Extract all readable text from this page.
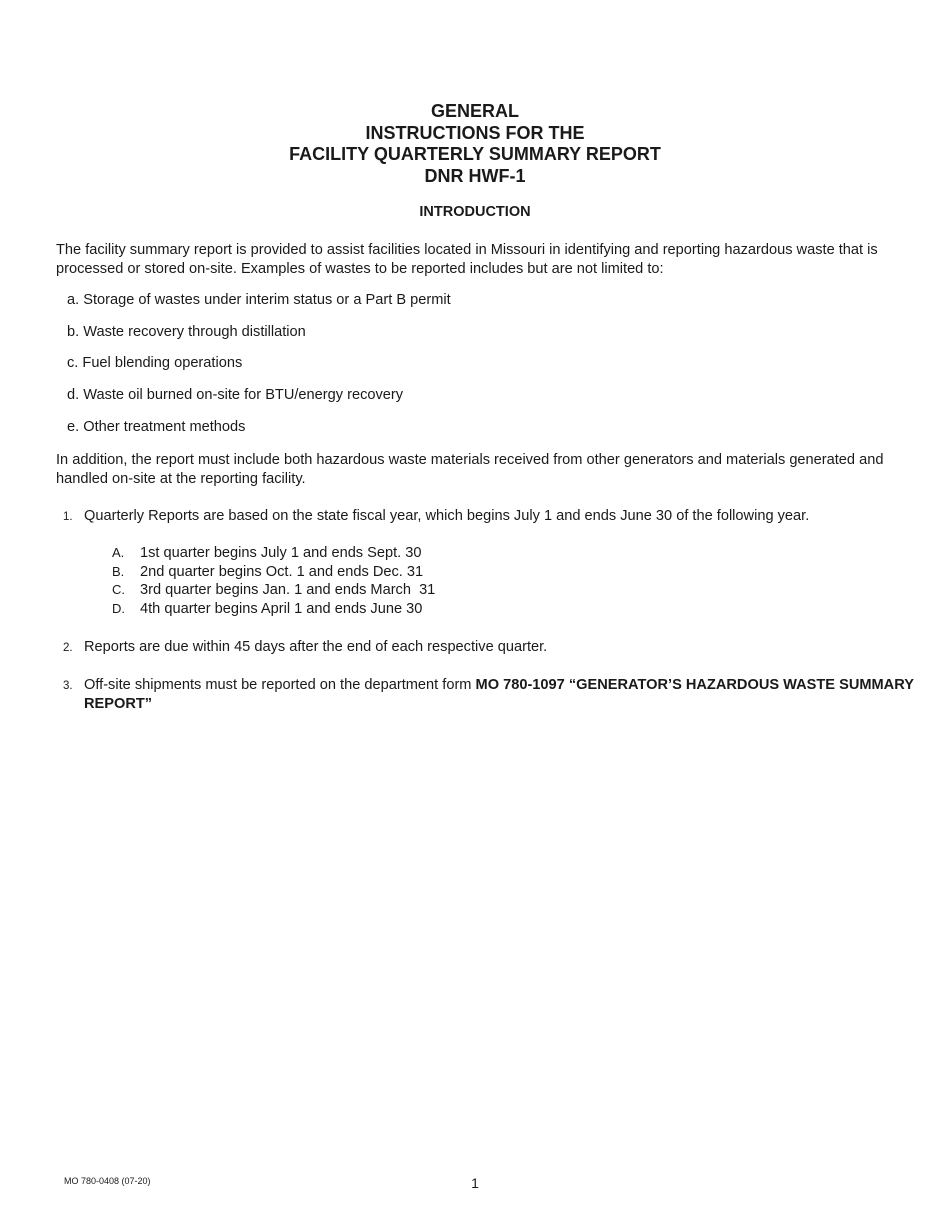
GENERAL
INSTRUCTIONS FOR THE
FACILITY QUARTERLY SUMMARY REPORT
DNR HWF-1
INTRODUCTION

The facility summary report is provided to assist facilities located in Missouri in identifying and reporting hazardous waste that is processed or stored on-site. Examples of wastes to be reported includes but are not limited to:

a. Storage of wastes under interim status or a Part B permit
b. Waste recovery through distillation
c. Fuel blending operations
d. Waste oil burned on-site for BTU/energy recovery
e. Other treatment methods

In addition, the report must include both hazardous waste materials received from other generators and materials generated and handled on-site at the reporting facility.

1. Quarterly Reports are based on the state fiscal year, which begins July 1 and ends June 30 of the following year.
A.	1st quarter begins July 1 and ends Sept. 30
B.	2nd quarter begins Oct. 1 and ends Dec. 31
C.	3rd quarter begins Jan. 1 and ends March  31
D.	4th quarter begins April 1 and ends June 30
2. Reports are due within 45 days after the end of each respective quarter.
3. Off-site shipments must be reported on the department form MO 780-1097 “GENERATOR’S HAZARDOUS WASTE SUMMARY REPORT”
MO 780-0408 (07-20)	1
